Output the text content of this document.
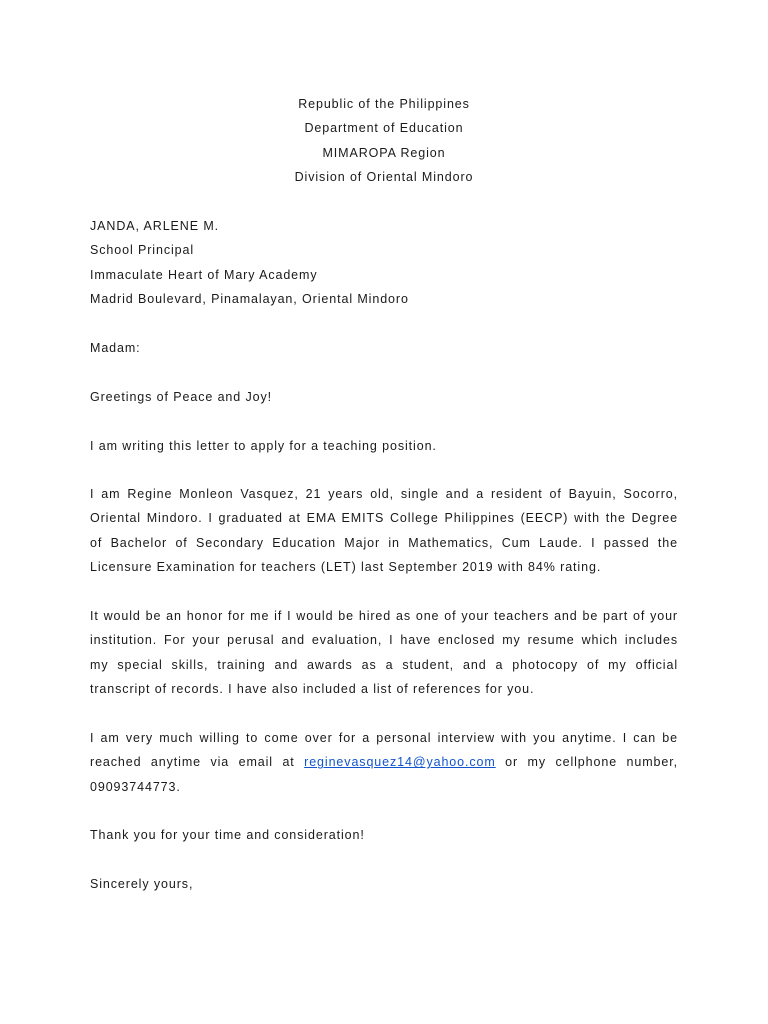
Republic of the Philippines
Department of Education
MIMAROPA Region
Division of Oriental Mindoro
JANDA, ARLENE M.
School Principal
Immaculate Heart of Mary Academy
Madrid Boulevard, Pinamalayan, Oriental Mindoro
Madam:
Greetings of Peace and Joy!
I am writing this letter to apply for a teaching position.
I am Regine Monleon Vasquez, 21 years old, single and a resident of Bayuin, Socorro,
Oriental Mindoro. I graduated at EMA EMITS College Philippines (EECP) with the Degree
of Bachelor of Secondary Education Major in Mathematics, Cum Laude. I passed the
Licensure Examination for teachers (LET) last September 2019 with 84% rating.
It would be an honor for me if I would be hired as one of your teachers and be part of your
institution. For your perusal and evaluation, I have enclosed my resume which includes
my special skills, training and awards as a student, and a photocopy of my official
transcript of records. I have also included a list of references for you.
I am very much willing to come over for a personal interview with you anytime. I can be
reached anytime via email at reginevasquez14@yahoo.com or my cellphone number,
09093744773.
Thank you for your time and consideration!
Sincerely yours,
